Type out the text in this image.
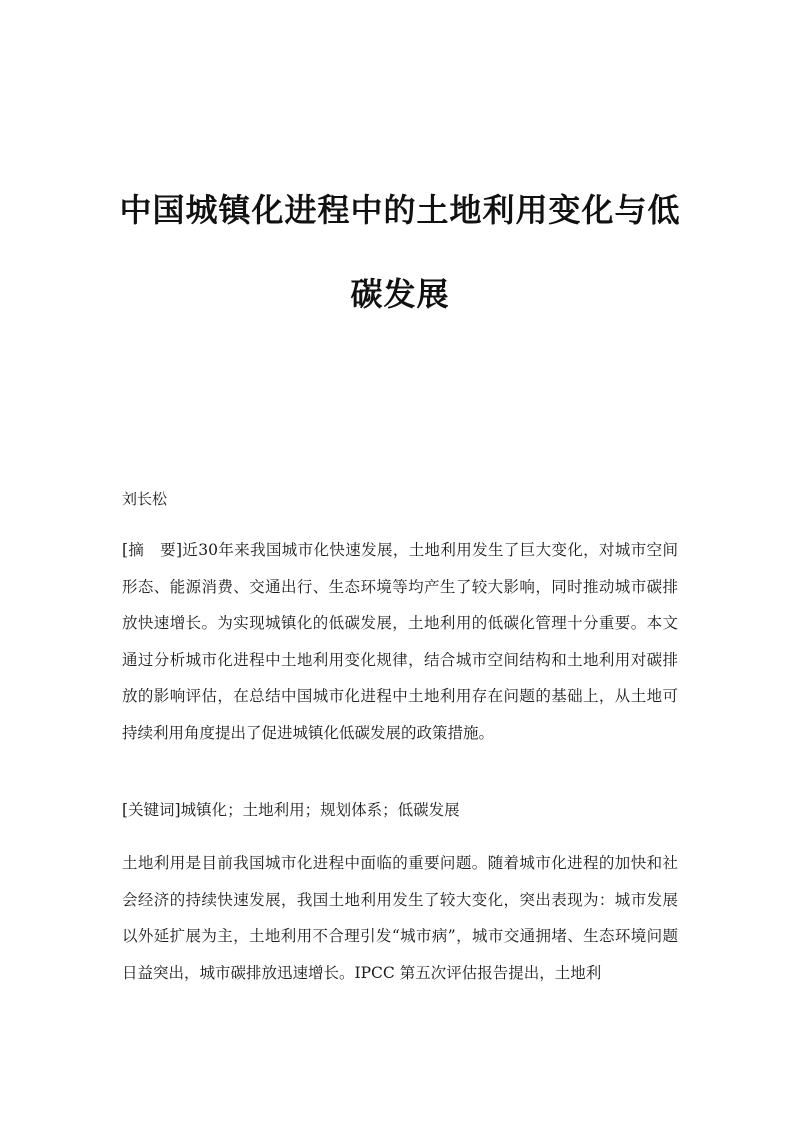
中国城镇化进程中的土地利用变化与低
碳发展
刘长松

[摘　要]近30年来我国城市化快速发展，土地利用发生了巨大变化，对城市空间形态、能源消费、交通出行、生态环境等均产生了较大影响，同时推动城市碳排放快速增长。为实现城镇化的低碳发展，土地利用的低碳化管理十分重要。本文通过分析城市化进程中土地利用变化规律，结合城市空间结构和土地利用对碳排放的影响评估，在总结中国城市化进程中土地利用存在问题的基础上，从土地可持续利用角度提出了促进城镇化低碳发展的政策措施。

[关键词]城镇化；土地利用；规划体系；低碳发展

土地利用是目前我国城市化进程中面临的重要问题。随着城市化进程的加快和社会经济的持续快速发展，我国土地利用发生了较大变化，突出表现为：城市发展以外延扩展为主，土地利用不合理引发“城市病”，城市交通拥堵、生态环境问题日益突出，城市碳排放迅速增长。IPCC 第五次评估报告提出，土地利
